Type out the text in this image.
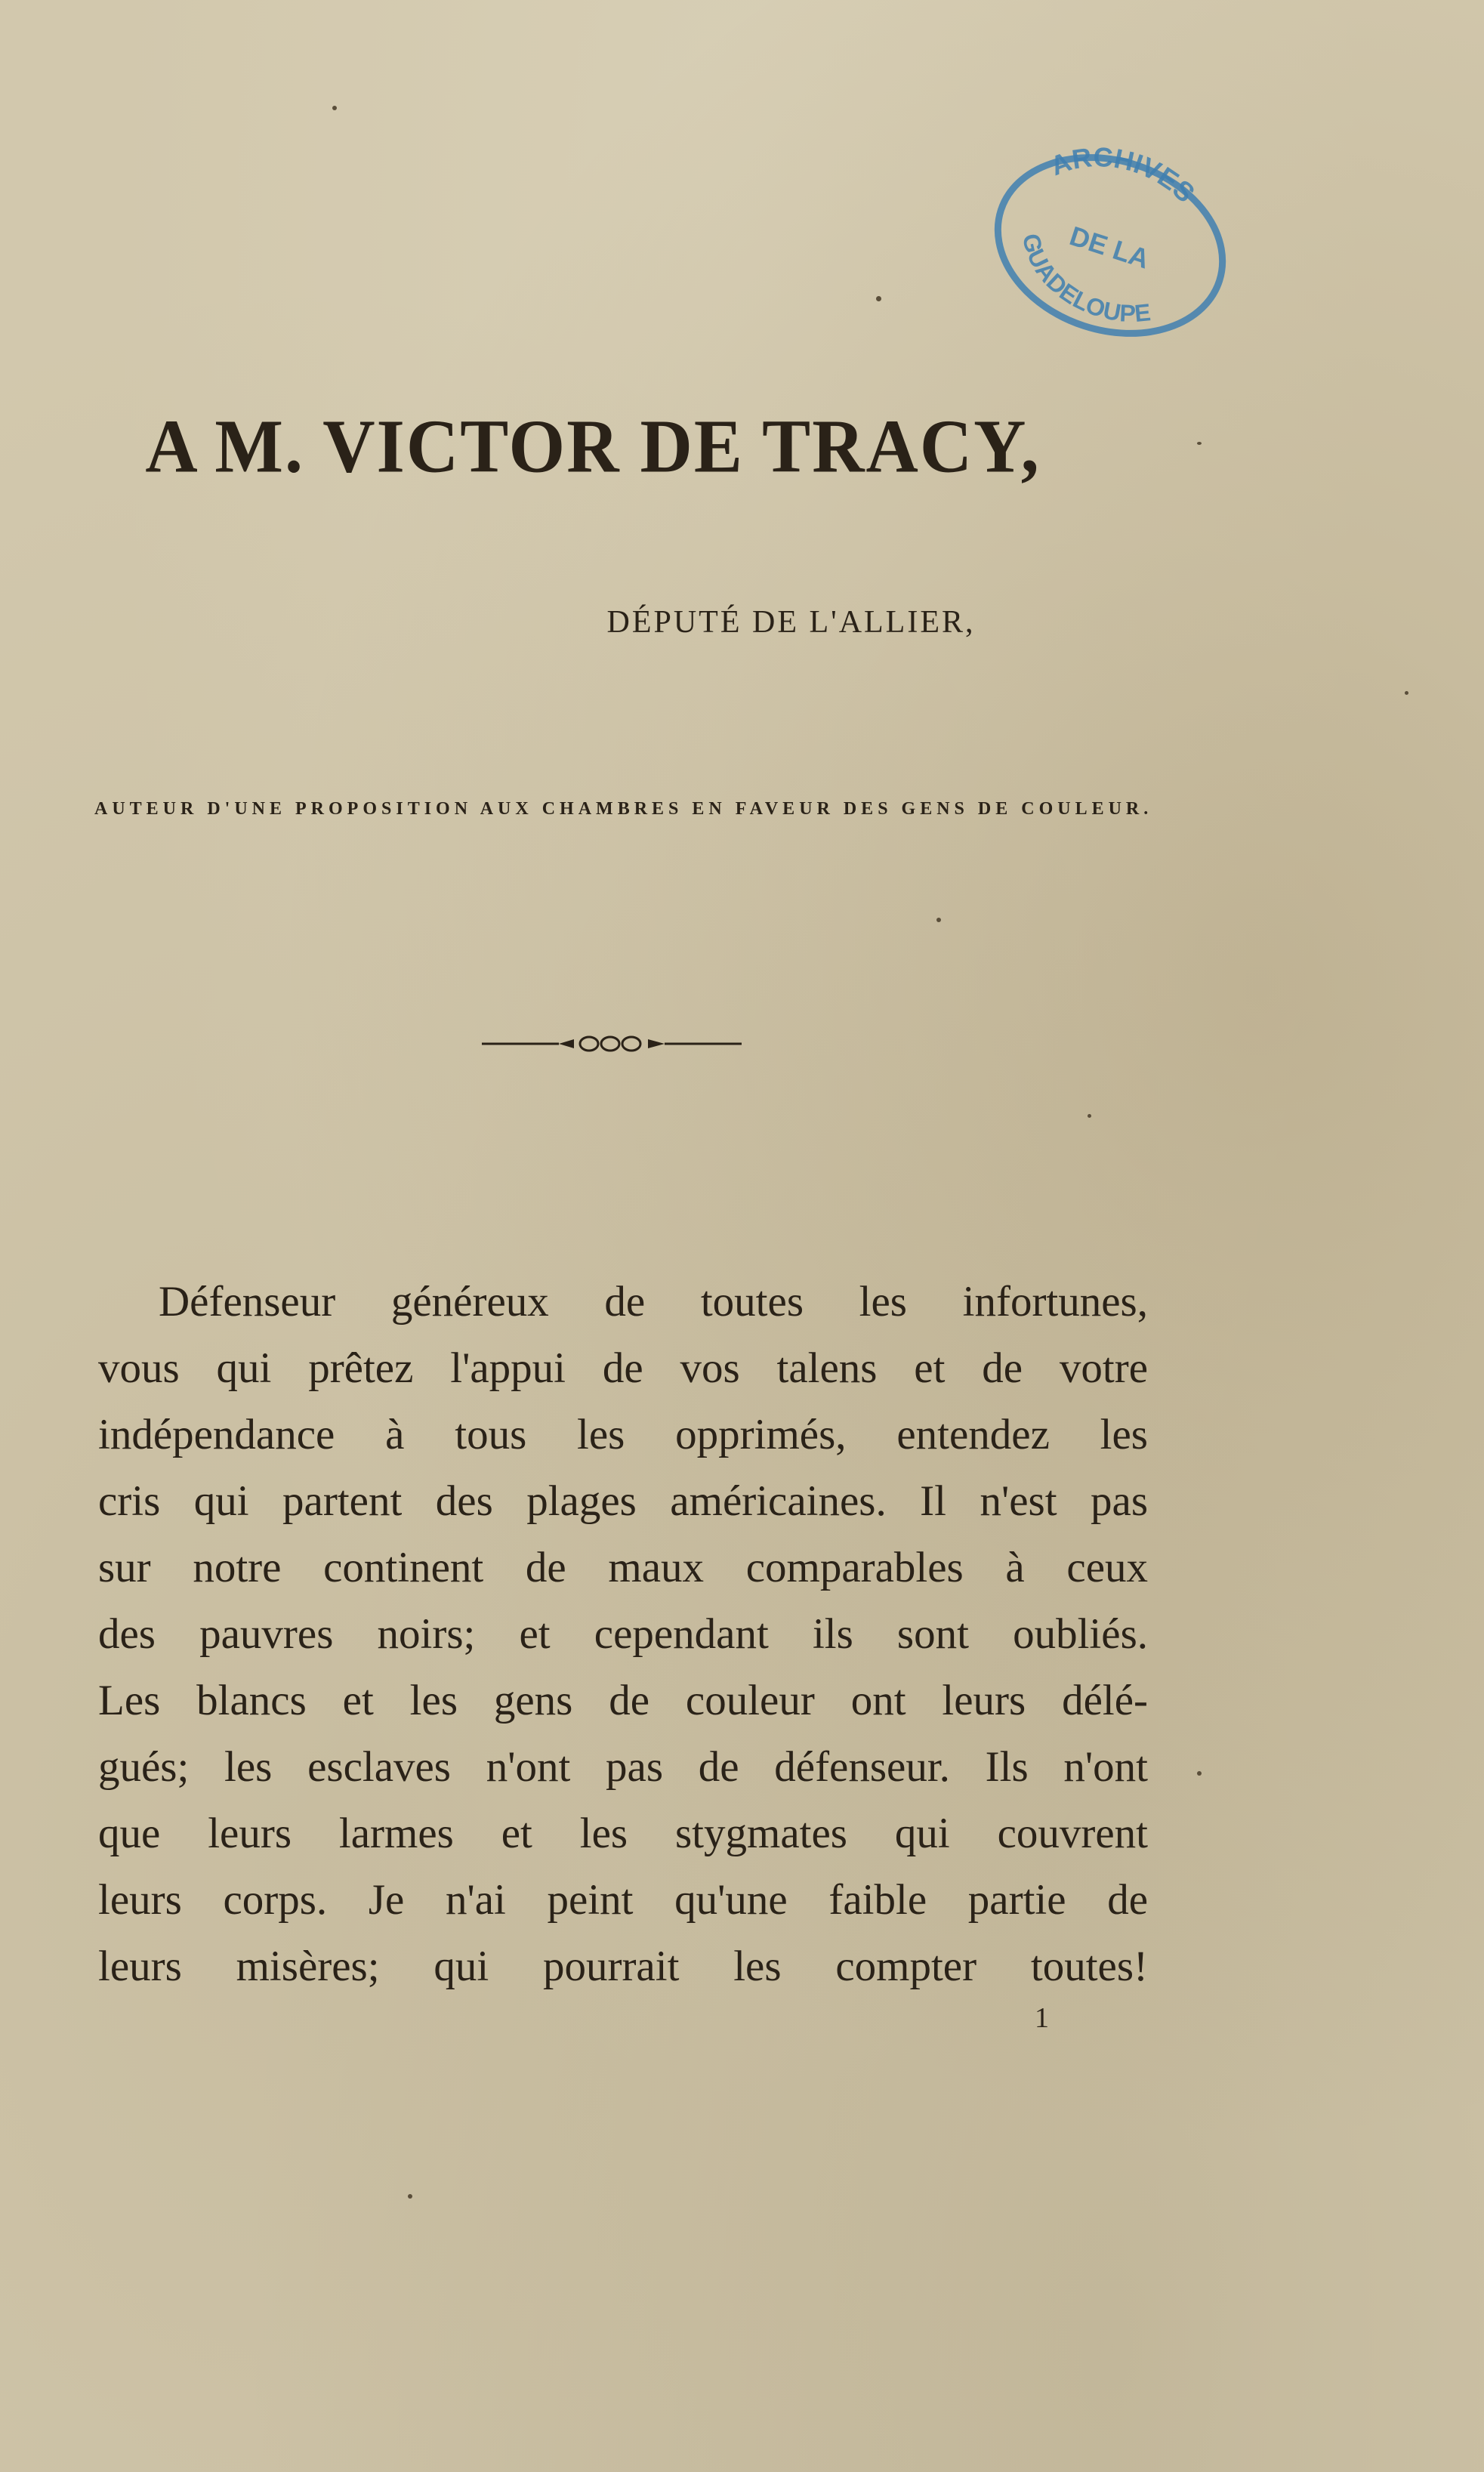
ARCHIVES
DE LA
GUADELOUPE
A M. VICTOR DE TRACY,
DÉPUTÉ DE L'ALLIER,
AUTEUR D'UNE PROPOSITION AUX CHAMBRES EN FAVEUR DES GENS DE COULEUR.
Défenseur généreux de toutes les infortunes,
vous qui prêtez l'appui de vos talens et de votre
indépendance à tous les opprimés, entendez les
cris qui partent des plages américaines. Il n'est pas
sur notre continent de maux comparables à ceux
des pauvres noirs; et cependant ils sont oubliés.
Les blancs et les gens de couleur ont leurs délé-
gués; les esclaves n'ont pas de défenseur. Ils n'ont
que leurs larmes et les stygmates qui couvrent
leurs corps. Je n'ai peint qu'une faible partie de
leurs misères; qui pourrait les compter toutes!
1
